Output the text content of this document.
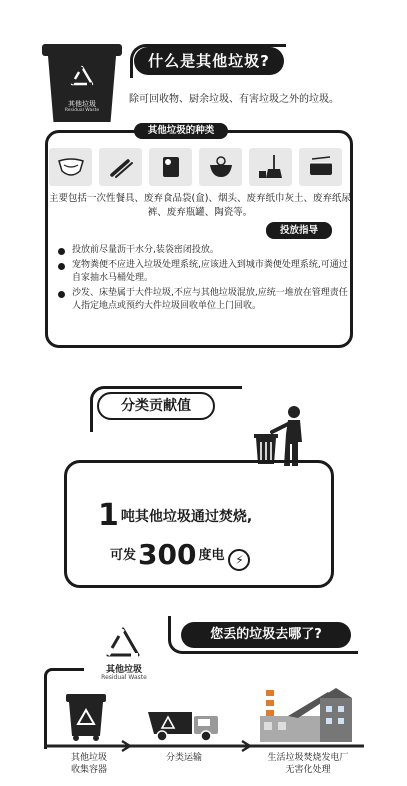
其他垃圾
Residual Waste
什么是其他垃圾?
除可回收物、厨余垃圾、有害垃圾之外的垃圾。
其他垃圾的种类
主要包括一次性餐具、废弃食品袋(盒)、烟头、废弃纸巾灰土、废弃纸尿裤、废弃瓶罐、陶瓷等。
投放指导
投放前尽量沥干水分,装袋密闭投放。
宠物粪便不应进入垃圾处理系统,应该进入到城市粪便处理系统,可通过自家抽水马桶处理。
沙发、床垫属于大件垃圾,不应与其他垃圾混放,应统一堆放在管理责任人指定地点或预约大件垃圾回收单位上门回收。
分类贡献值
1 吨其他垃圾通过焚烧,
可发300 度电 ⚡
您丢的垃圾去哪了?
其他垃圾
Residual Waste
其他垃圾
收集容器
分类运输	生活垃圾焚烧发电厂
无害化处理
